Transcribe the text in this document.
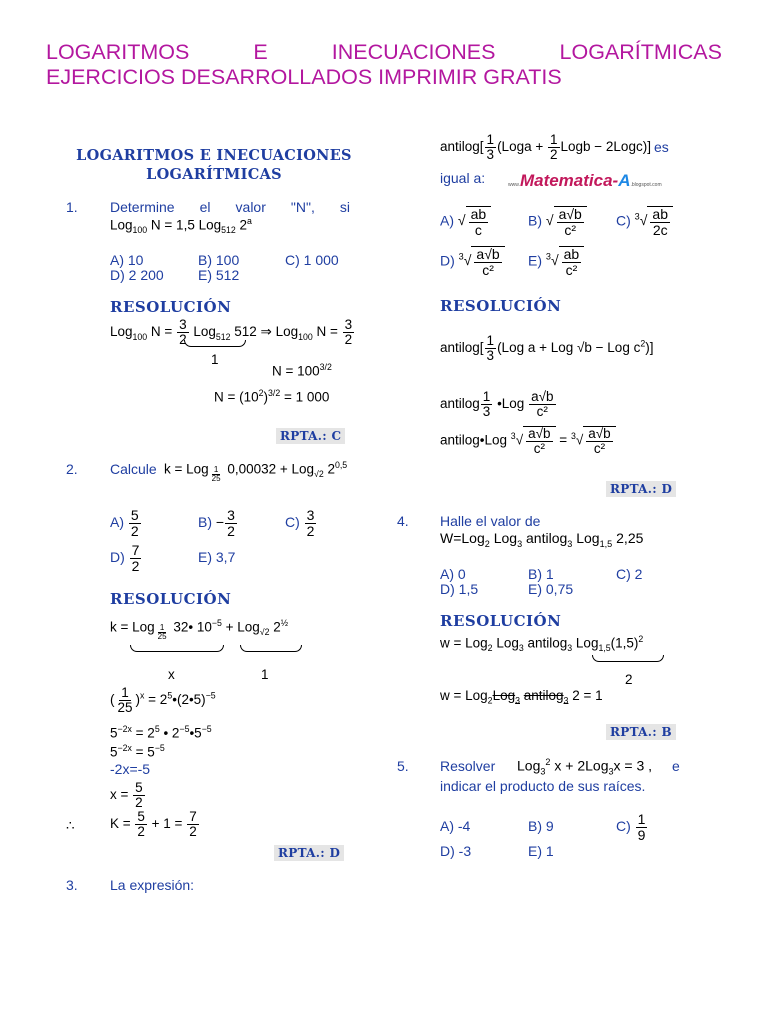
LOGARITMOS	E	INECUACIONES	LOGARÍTMICAS
EJERCICIOS DESARROLLADOS IMPRIMIR GRATIS
LOGARITMOS E INECUACIONES
LOGARÍTMICAS
1. Determine el valor "N", si
Log$_{100}$ N = 1,5 Log$_{512}$ 2$^a$
A) 10	B) 100	C) 1 000
D) 2 200 E) 512
RESOLUCIÓN
Log$_{100}$ $N = \frac{3}{2} Log_{512}$ 512 ⇒ Log$_{100}$ $N = \frac{3}{2}$
1
$N = 100^{3/2}$
$N = (10^2)^{3/2} = 1$ 000
RPTA.: C
2. Calcule k = Log $_{\frac{1}{25}}$ 0,00032 + Log$_{√2}$ 2$^{0,5}$
$A) \frac{5}{2}$	$B) - \frac{3}{2}$	$C) \frac{3}{2}$
$D) \frac{7}{2}$	E) 3,7
RESOLUCIÓN
k = Log $_{\frac{1}{25}}$ 32• $10^{-5} + Log_{√2}$ $2^{\frac{1}{2}}$
x	1
( $\frac{1}{25} )^x$ = $2^5•(2•5)^{-5}$
$5^{-2x} = 2^5$ • $2^{-5}•5^{-5}$
$5^{-2x} = 5^{-5}$
-2x=-5
$x = \frac{5}{2}$
∴	$K = \frac{5}{2} + 1 = \frac{7}{2}$
RPTA.: D
3. La expresión:
antilog[ $\frac{1}{3}$ (Loga + $\frac{1}{2}$ Logb − 2Logc)] es
igual a:	www.Matematica-A.blogspot.com
A) √ $\frac{ab}{c}$	B) √ $\frac{a√b}{\text{c²}} C$) $^3√ \frac{ab}{2c}$
D) $^3√ \frac{a√b}{\text{c²}} E$) $^3√ \frac{ab}{\text{c²}}$
RESOLUCIÓN
antilog[ $\frac{1}{3} (Log$ a + Log √b − Log $c^2$)]
antilog $\frac{1}{3}$ •Log $\frac{a√b}{\text{c²}}$
antilog•Log $^3√ \frac{a√b}{\text{c²}} = ^3√ \frac{a√b}{\text{c²}}$
RPTA.: D
4. Halle el valor de
W=Log$_2$ Log$_3$ antilog$_3$ Log$_{1,5}$ 2,25
A) 0	B) 1	C) 2
D) 1,5	E) 0,75
RESOLUCIÓN
w = Log$_2$ Log$_3$ antilog$_3$ $Log_{1,5}(1,5)^2$
2
w = Log$_2$Log$_3$ antilog$_3$ 2 = 1
RPTA.: B
5. Resolver Log$_3^2$ x + 2Log$_3$x = 3 , e
indicar el producto de sus raíces.
A) -4	B) 9	$C) \frac{1}{9}$
D) -3	E) 1
